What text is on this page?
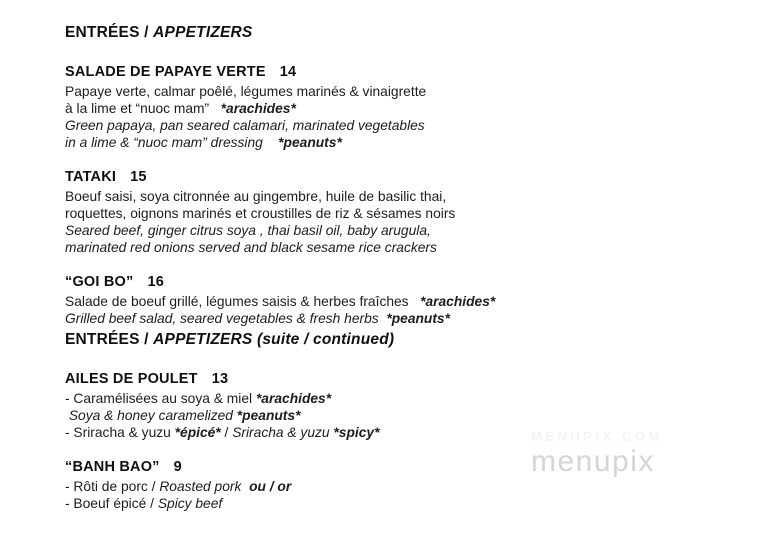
ENTRÉES / APPETIZERS
SALADE DE PAPAYE VERTE 14
Papaye verte, calmar poêlé, légumes marinés & vinaigrette
à la lime et “nuoc mam”   *arachides*
Green papaya, pan seared calamari, marinated vegetables
in a lime & “nuoc mam” dressing    *peanuts*
TATAKI 15
Boeuf saisi, soya citronnée au gingembre, huile de basilic thai,
roquettes, oignons marinés et croustilles de riz & sésames noirs
Seared beef, ginger citrus soya , thai basil oil, baby arugula,
marinated red onions served and black sesame rice crackers
“GOI BO” 16
Salade de boeuf grillé, légumes saisis & herbes fraîches   *arachides*
Grilled beef salad, seared vegetables & fresh herbs  *peanuts*
ENTRÉES / APPETIZERS (suite / continued)
AILES DE POULET 13
- Caramélisées au soya & miel *arachides*
Soya & honey caramelized *peanuts*
- Sriracha & yuzu *épicé* / Sriracha & yuzu *spicy*
“BANH BAO” 9
- Rôti de porc / Roasted pork ou / or
- Boeuf épicé / Spicy beef
MENUPIX.COM
menupix
